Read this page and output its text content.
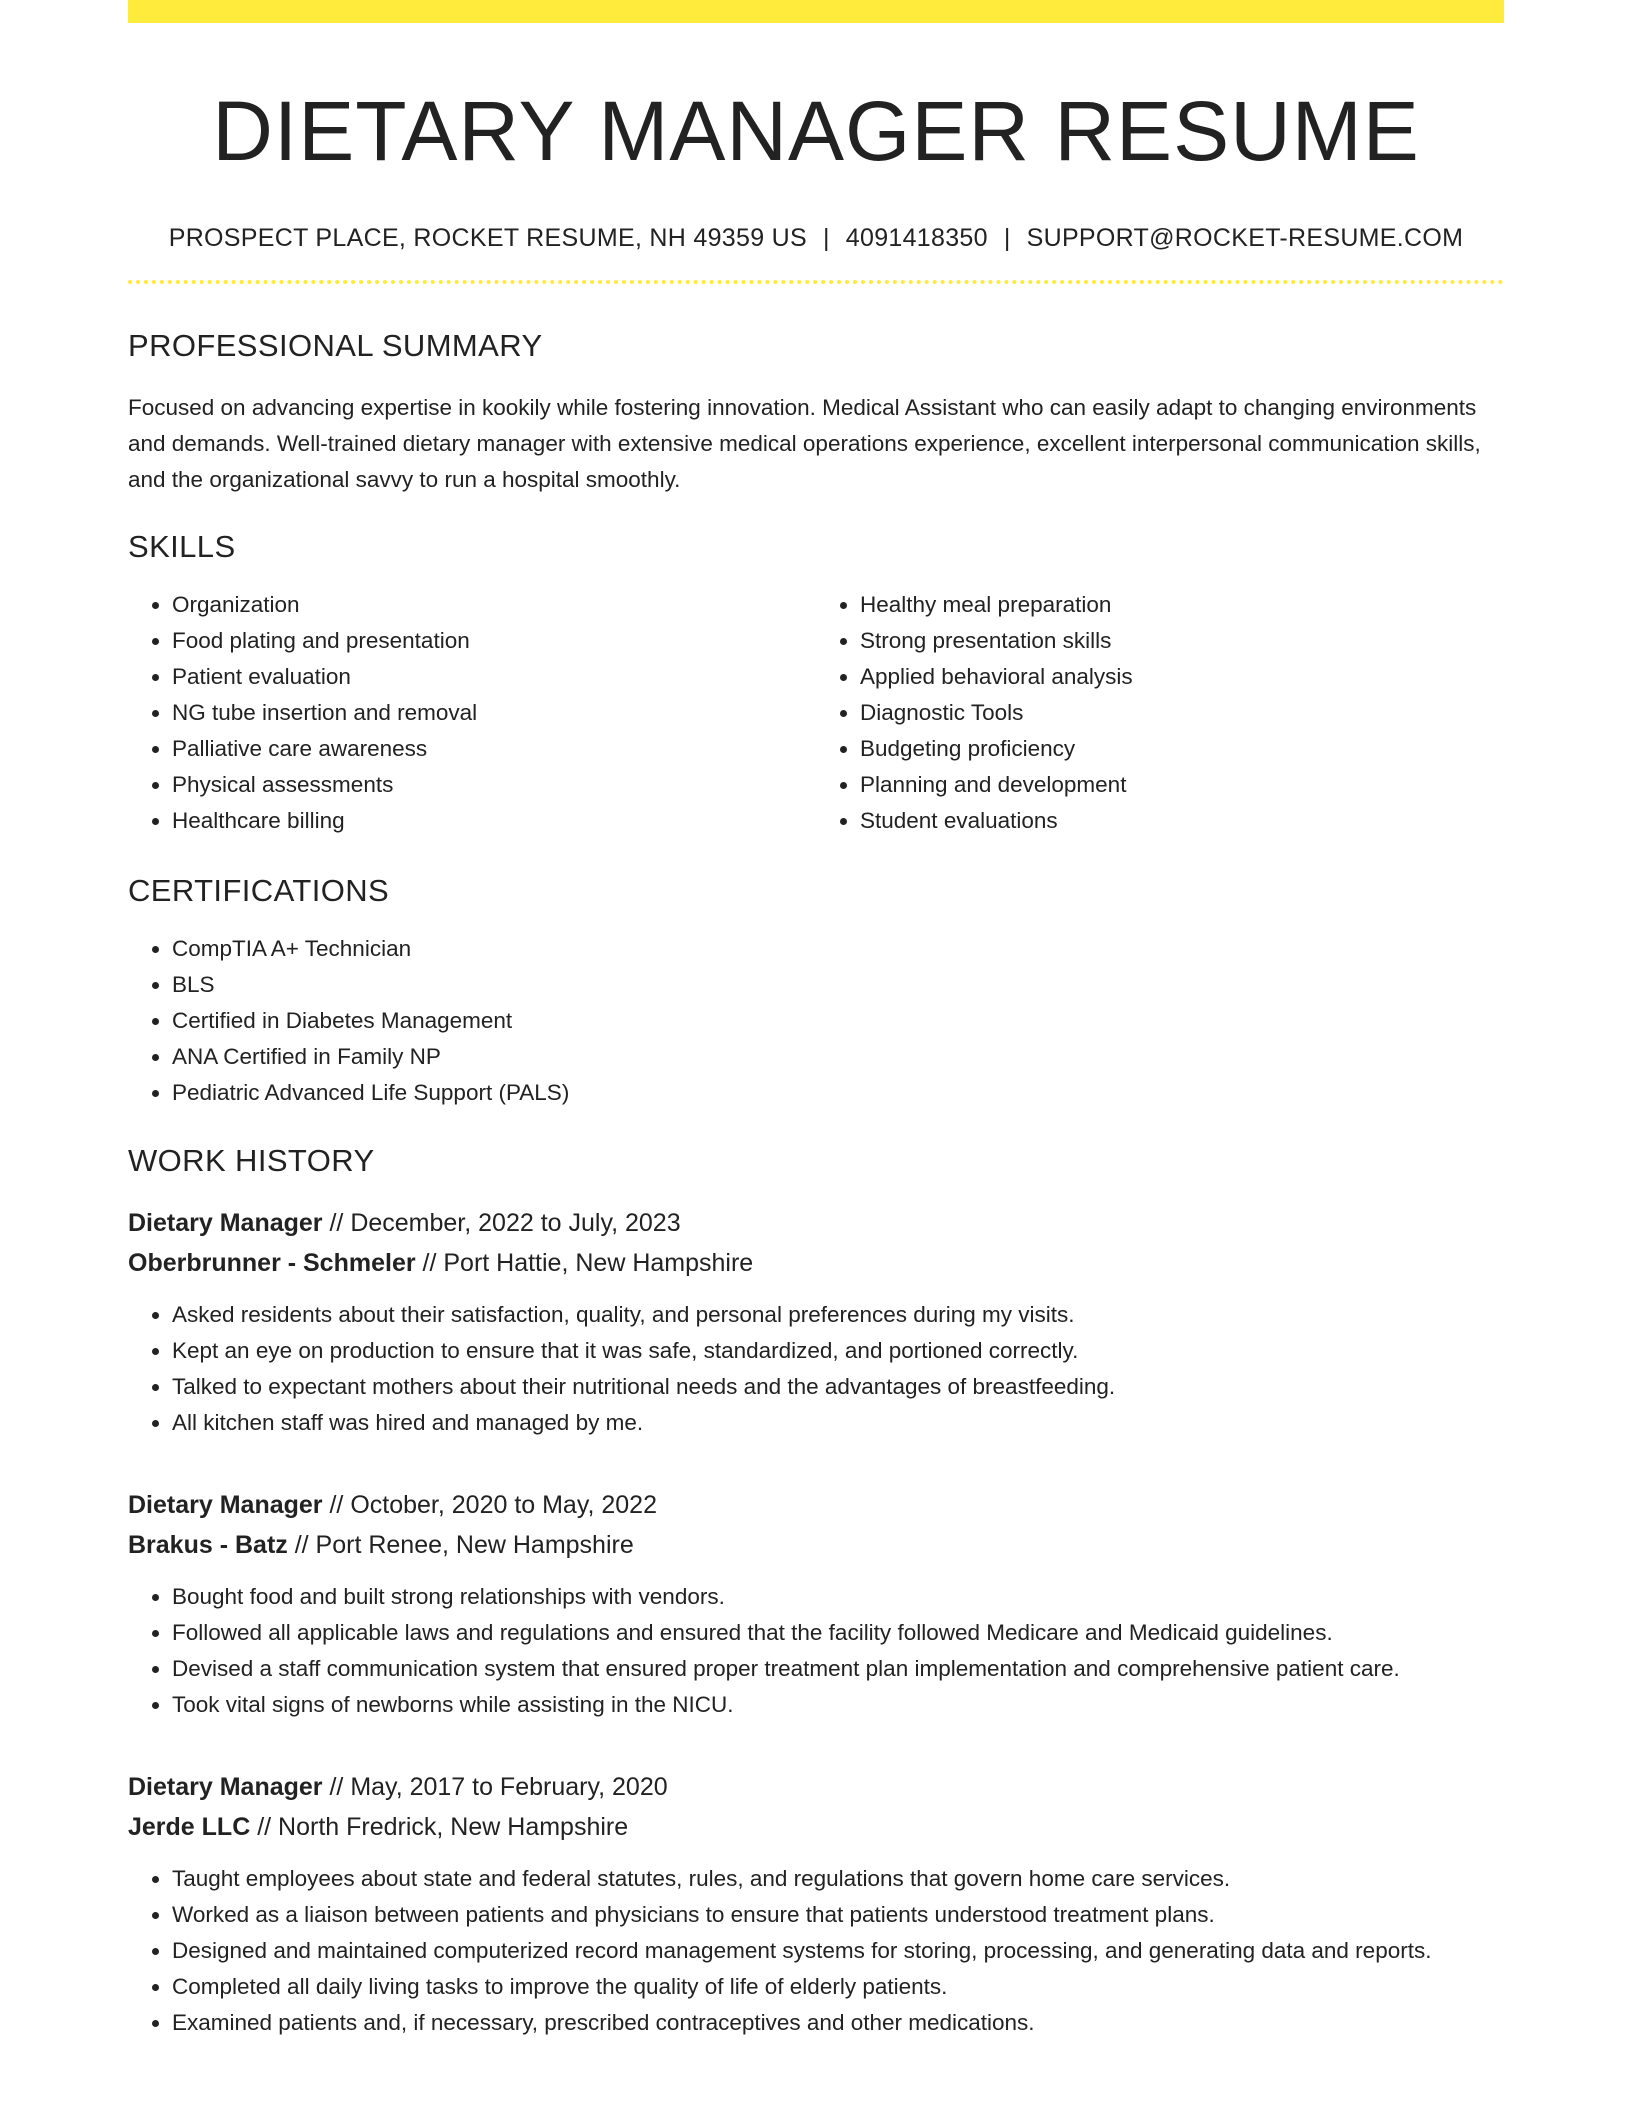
DIETARY MANAGER RESUME
PROSPECT PLACE, ROCKET RESUME, NH 49359 US | 4091418350 | SUPPORT@ROCKET-RESUME.COM
PROFESSIONAL SUMMARY

Focused on advancing expertise in kookily while fostering innovation. Medical Assistant who can easily adapt to changing environments and demands. Well-trained dietary manager with extensive medical operations experience, excellent interpersonal communication skills, and the organizational savvy to run a hospital smoothly.

SKILLS
• Organization
• Food plating and presentation
• Patient evaluation
• NG tube insertion and removal
• Palliative care awareness
• Physical assessments
• Healthcare billing
• Healthy meal preparation
• Strong presentation skills
• Applied behavioral analysis
• Diagnostic Tools
• Budgeting proficiency
• Planning and development
• Student evaluations
CERTIFICATIONS
• CompTIA A+ Technician
• BLS
• Certified in Diabetes Management
• ANA Certified in Family NP
• Pediatric Advanced Life Support (PALS)
WORK HISTORY
Dietary Manager // December, 2022 to July, 2023
Oberbrunner - Schmeler // Port Hattie, New Hampshire
• Asked residents about their satisfaction, quality, and personal preferences during my visits.
• Kept an eye on production to ensure that it was safe, standardized, and portioned correctly.
• Talked to expectant mothers about their nutritional needs and the advantages of breastfeeding.
• All kitchen staff was hired and managed by me.
Dietary Manager // October, 2020 to May, 2022
Brakus - Batz // Port Renee, New Hampshire
• Bought food and built strong relationships with vendors.
• Followed all applicable laws and regulations and ensured that the facility followed Medicare and Medicaid guidelines.
• Devised a staff communication system that ensured proper treatment plan implementation and comprehensive patient care.
• Took vital signs of newborns while assisting in the NICU.
Dietary Manager // May, 2017 to February, 2020
Jerde LLC // North Fredrick, New Hampshire
• Taught employees about state and federal statutes, rules, and regulations that govern home care services.
• Worked as a liaison between patients and physicians to ensure that patients understood treatment plans.
• Designed and maintained computerized record management systems for storing, processing, and generating data and reports.
• Completed all daily living tasks to improve the quality of life of elderly patients.
• Examined patients and, if necessary, prescribed contraceptives and other medications.
